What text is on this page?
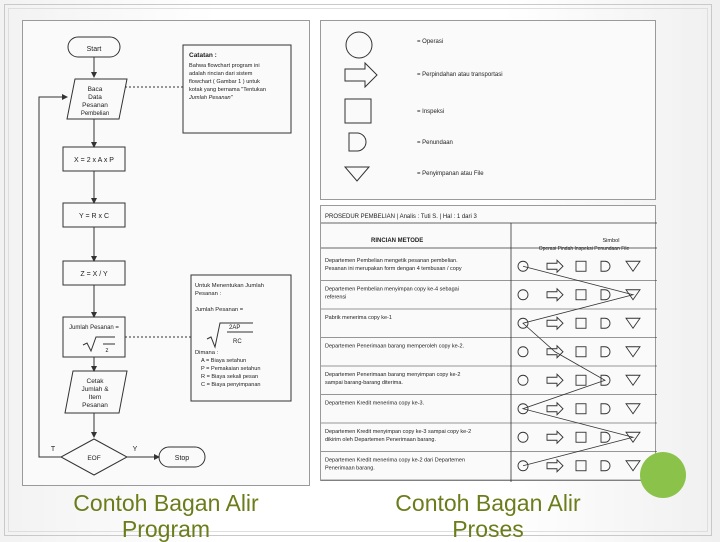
Start
Baca
Data
Pesanan
Pembelian
X = 2 x A x P
Y = R x C
Z = X / Y
Jumlah Pesanan =
z
Cetak
Jumlah &
Item
Pesanan
EOF
T	Y
Stop
Catatan :
Bahwa flowchart program ini
adalah rincian dari sistem
flowchart ( Gambar 1 ) untuk
kotak yang bernama "Tentukan
Jumlah Pesanan"
Untuk Menentukan Jumlah
Pesanan :
Jumlah Pesanan =
2AP
RC
Dimana :
A = Biaya setahun
P = Pemakaian setahun
R = Biaya sekali pesan
C = Biaya penyimpanan
= Operasi
= Perpindahan atau transportasi
= Inspeksi
= Penundaan
= Penyimpanan atau File
PROSEDUR PEMBELIAN | Analis : Tuti S. | Hal : 1 dari 3
RINCIAN METODE	Simbol
Operasi Pindah Inspeksi Penundaan File
Departemen Pembelian mengetik pesanan pembelian.
Pesanan ini merupakan form dengan 4 tembusan / copy
Departemen Pembelian menyimpan copy ke-4 sebagai
referensi
Pabrik menerima copy ke-1
Departemen Penerimaan barang memperoleh copy ke-2.
Departemen Penerimaan barang menyimpan copy ke-2
sampai barang-barang diterima.
Departemen Kredit menerima copy ke-3.
Departemen Kredit menyimpan copy ke-3 sampai copy ke-2
dikirim oleh Departemen Penerimaan barang.
Departemen Kredit menerima copy ke-2 dari Departemen
Penerimaan barang.
Contoh Bagan Alir
Program
Contoh Bagan Alir
Proses
